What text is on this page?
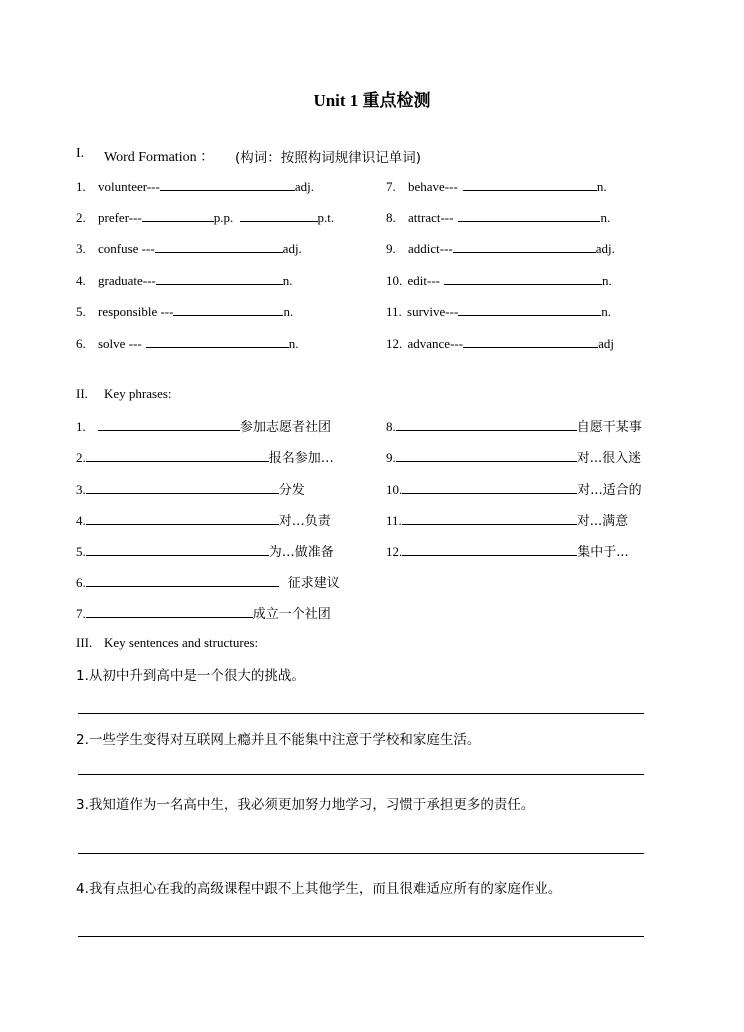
Unit 1 重点检测
I. Word Formation ： (构词：按照构词规律识记单词)
1. volunteer---	adj.
2. prefer---	p.p.	p.t.
3. confuse ---	adj.
4. graduate---	n.
5. responsible ---	n.
6. solve ---	n.
7. behave---	n.
8. attract---	n.
9. addict---	adj.
10. edit---	n.
11. survive---	n.
12. advance---	adj
II. Key phrases:
1.	参加志愿者社团
2.	报名参加…
3.	分发
4.	对…负责
5.	为…做准备
6.	征求建议
7.	成立一个社团
8.	自愿干某事
9.	对...很入迷
10.	对...适合的
11.	对...满意
12.	集中于...
III. Key sentences and structures:
1.从初中升到高中是一个很大的挑战。
2.一些学生变得对互联网上瘾并且不能集中注意于学校和家庭生活。
3.我知道作为一名高中生，我必须更加努力地学习，习惯于承担更多的责任。
4.我有点担心在我的高级课程中跟不上其他学生，而且很难适应所有的家庭作业。
